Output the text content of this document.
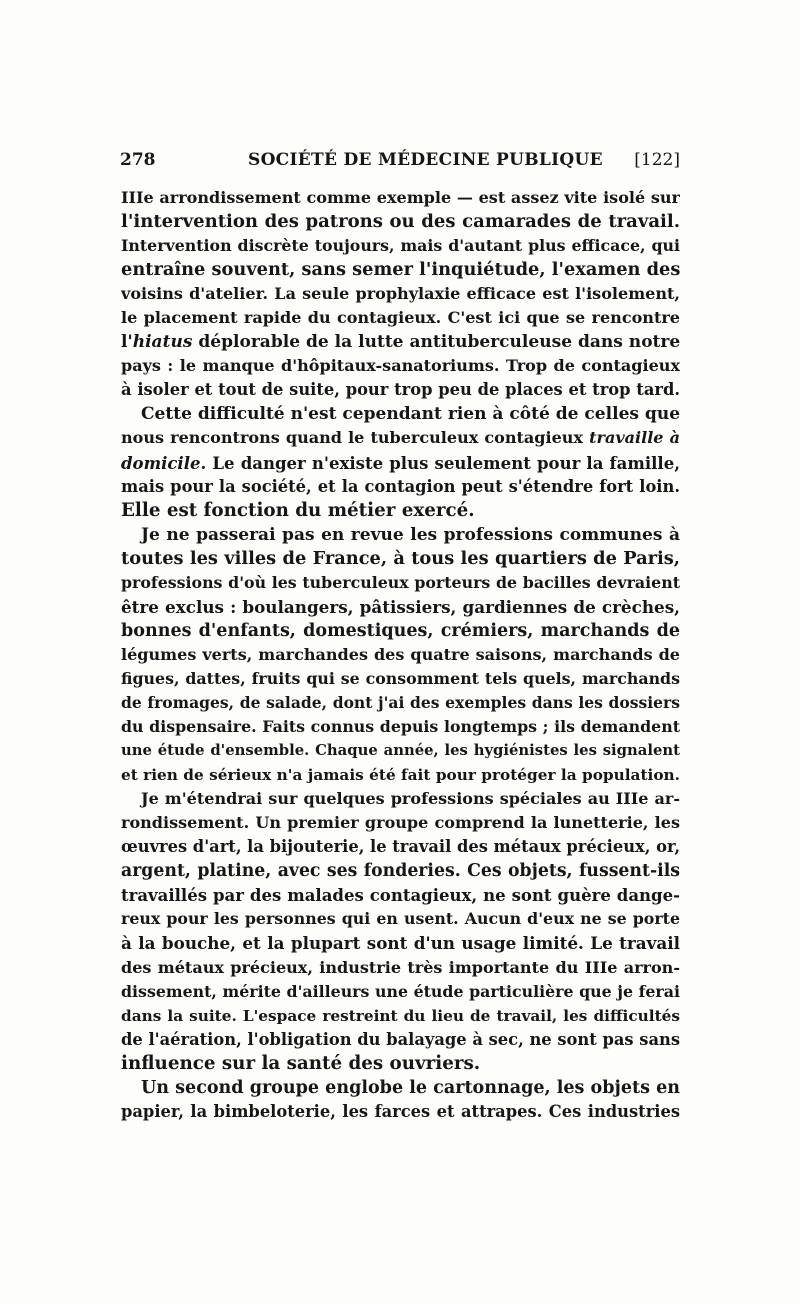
278	SOCIÉTÉ DE MÉDECINE PUBLIQUE [122]
IIIe arrondissement comme exemple — est assez vite isolé sur
l'intervention des patrons ou des camarades de travail.
Intervention discrète toujours, mais d'autant plus efficace, qui
entraîne souvent, sans semer l'inquiétude, l'examen des
voisins d'atelier. La seule prophylaxie efficace est l'isolement,
le placement rapide du contagieux. C'est ici que se rencontre
l'hiatus déplorable de la lutte antituberculeuse dans notre
pays : le manque d'hôpitaux-sanatoriums. Trop de contagieux
à isoler et tout de suite, pour trop peu de places et trop tard.
Cette difficulté n'est cependant rien à côté de celles que
nous rencontrons quand le tuberculeux contagieux travaille à
domicile. Le danger n'existe plus seulement pour la famille,
mais pour la société, et la contagion peut s'étendre fort loin.
Elle est fonction du métier exercé.
Je ne passerai pas en revue les professions communes à
toutes les villes de France, à tous les quartiers de Paris,
professions d'où les tuberculeux porteurs de bacilles devraient
être exclus : boulangers, pâtissiers, gardiennes de crèches,
bonnes d'enfants, domestiques, crémiers, marchands de
légumes verts, marchandes des quatre saisons, marchands de
figues, dattes, fruits qui se consomment tels quels, marchands
de fromages, de salade, dont j'ai des exemples dans les dossiers
du dispensaire. Faits connus depuis longtemps ; ils demandent
une étude d'ensemble. Chaque année, les hygiénistes les signalent
et rien de sérieux n'a jamais été fait pour protéger la population.
Je m'étendrai sur quelques professions spéciales au IIIe ar-
rondissement. Un premier groupe comprend la lunetterie, les
œuvres d'art, la bijouterie, le travail des métaux précieux, or,
argent, platine, avec ses fonderies. Ces objets, fussent-ils
travaillés par des malades contagieux, ne sont guère dange-
reux pour les personnes qui en usent. Aucun d'eux ne se porte
à la bouche, et la plupart sont d'un usage limité. Le travail
des métaux précieux, industrie très importante du IIIe arron-
dissement, mérite d'ailleurs une étude particulière que je ferai
dans la suite. L'espace restreint du lieu de travail, les difficultés
de l'aération, l'obligation du balayage à sec, ne sont pas sans
influence sur la santé des ouvriers.
Un second groupe englobe le cartonnage, les objets en
papier, la bimbeloterie, les farces et attrapes. Ces industries
